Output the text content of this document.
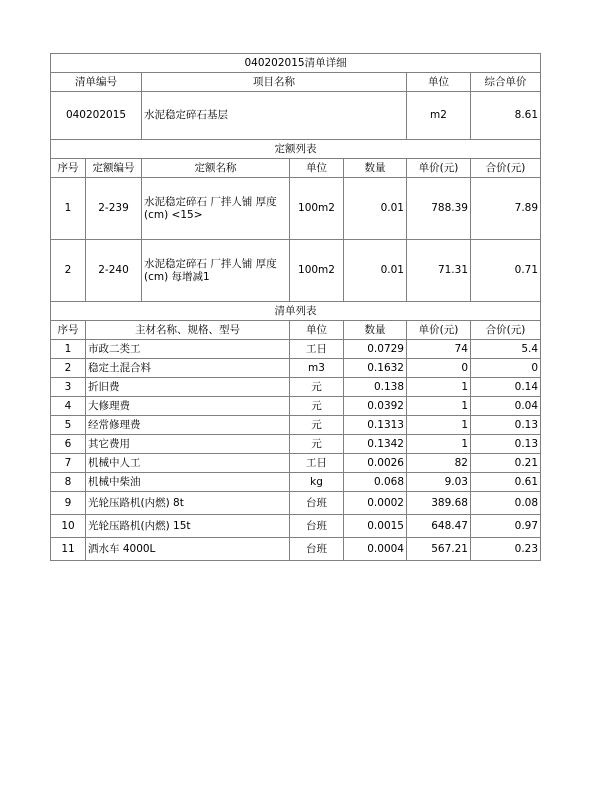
040202015清单详细						
清单编号		项目名称			单位	综合单价
040202015		水泥稳定碎石基层			m2	8.61
定额列表						
序号	定额编号	定额名称	单位	数量	单价(元)	合价(元)
1	2-239	水泥稳定碎石 厂拌人铺 厚度(cm) <15>	100m2	0.01	788.39	7.89
2	2-240	水泥稳定碎石 厂拌人铺 厚度(cm) 每增减1	100m2	0.01	71.31	0.71
清单列表						
序号	主材名称、规格、型号		单位	数量	单价(元)	合价(元)
1	市政二类工		工日	0.0729	74	5.4
2	稳定土混合料		m3	0.1632	0	0
3	折旧费		元	0.138	1	0.14
4	大修理费		元	0.0392	1	0.04
5	经常修理费		元	0.1313	1	0.13
6	其它费用		元	0.1342	1	0.13
7	机械中人工		工日	0.0026	82	0.21
8	机械中柴油		kg	0.068	9.03	0.61
9	光轮压路机(内燃) 8t		台班	0.0002	389.68	0.08
10	光轮压路机(内燃) 15t		台班	0.0015	648.47	0.97
11	洒水车 4000L		台班	0.0004	567.21	0.23
